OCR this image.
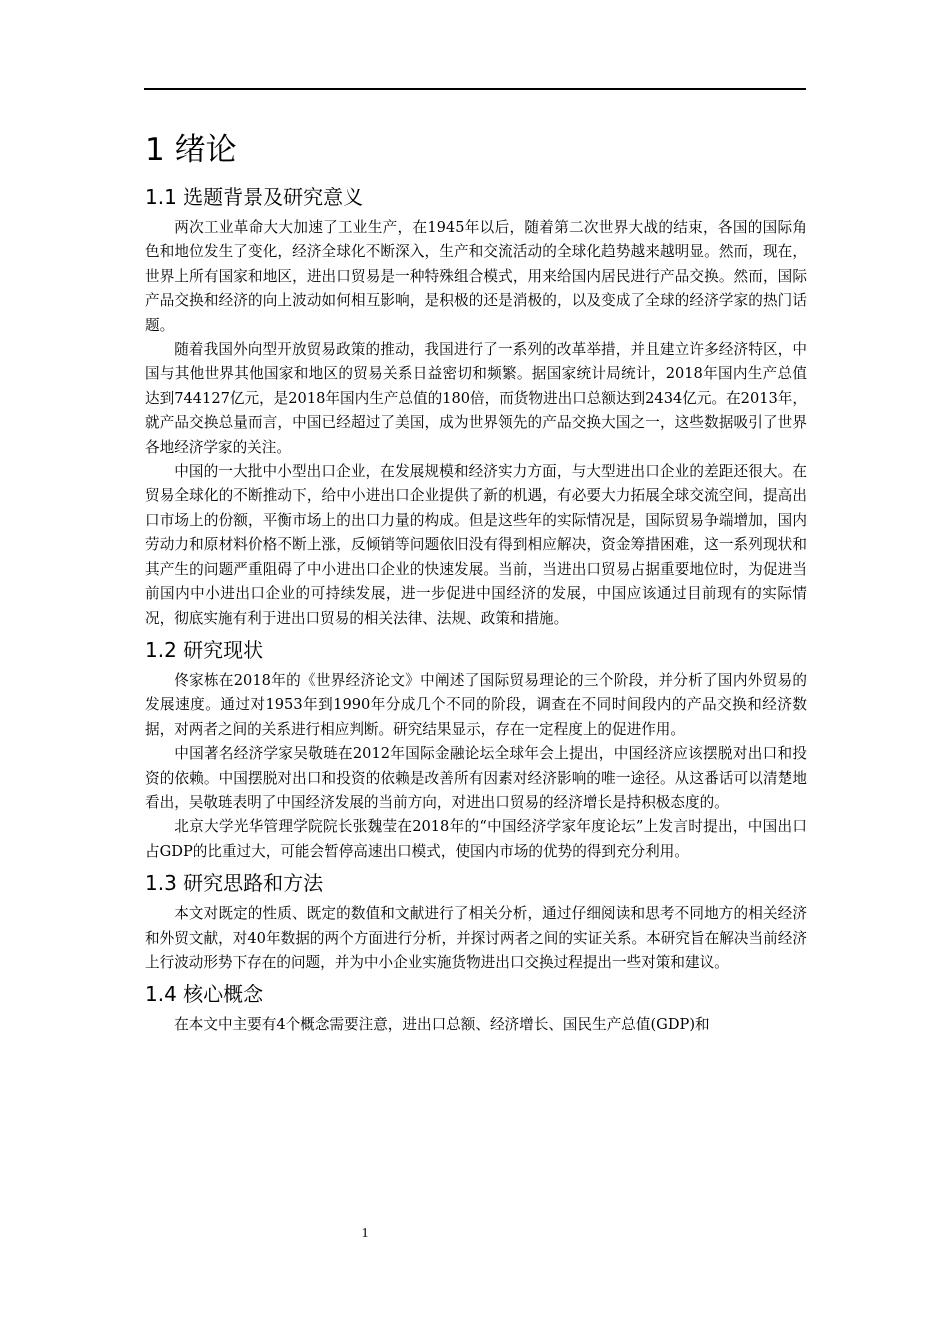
1 绪论
1.1 选题背景及研究意义

两次工业革命大大加速了工业生产，在1945年以后，随着第二次世界大战的结束，各国的国际角色和地位发生了变化，经济全球化不断深入，生产和交流活动的全球化趋势越来越明显。然而，现在，世界上所有国家和地区，进出口贸易是一种特殊组合模式，用来给国内居民进行产品交换。然而，国际产品交换和经济的向上波动如何相互影响，是积极的还是消极的，以及变成了全球的经济学家的热门话题。

随着我国外向型开放贸易政策的推动，我国进行了一系列的改革举措，并且建立许多经济特区，中国与其他世界其他国家和地区的贸易关系日益密切和频繁。据国家统计局统计，2018年国内生产总值达到744127亿元，是2018年国内生产总值的180倍，而货物进出口总额达到2434亿元。在2013年，就产品交换总量而言，中国已经超过了美国，成为世界领先的产品交换大国之一，这些数据吸引了世界各地经济学家的关注。

中国的一大批中小型出口企业，在发展规模和经济实力方面，与大型进出口企业的差距还很大。在贸易全球化的不断推动下，给中小进出口企业提供了新的机遇，有必要大力拓展全球交流空间，提高出口市场上的份额，平衡市场上的出口力量的构成。但是这些年的实际情况是，国际贸易争端增加，国内劳动力和原材料价格不断上涨，反倾销等问题依旧没有得到相应解决，资金筹措困难，这一系列现状和其产生的问题严重阻碍了中小进出口企业的快速发展。当前，当进出口贸易占据重要地位时，为促进当前国内中小进出口企业的可持续发展，进一步促进中国经济的发展，中国应该通过目前现有的实际情况，彻底实施有利于进出口贸易的相关法律、法规、政策和措施。

1.2 研究现状

佟家栋在2018年的《世界经济论文》中阐述了国际贸易理论的三个阶段，并分析了国内外贸易的发展速度。通过对1953年到1990年分成几个不同的阶段，调查在不同时间段内的产品交换和经济数据，对两者之间的关系进行相应判断。研究结果显示，存在一定程度上的促进作用。

中国著名经济学家吴敬琏在2012年国际金融论坛全球年会上提出，中国经济应该摆脱对出口和投资的依赖。中国摆脱对出口和投资的依赖是改善所有因素对经济影响的唯一途径。从这番话可以清楚地看出，吴敬琏表明了中国经济发展的当前方向，对进出口贸易的经济增长是持积极态度的。

北京大学光华管理学院院长张魏莹在2018年的“中国经济学家年度论坛”上发言时提出，中国出口占GDP的比重过大，可能会暂停高速出口模式，使国内市场的优势的得到充分利用。

1.3 研究思路和方法

本文对既定的性质、既定的数值和文献进行了相关分析，通过仔细阅读和思考不同地方的相关经济和外贸文献，对40年数据的两个方面进行分析，并探讨两者之间的实证关系。本研究旨在解决当前经济上行波动形势下存在的问题，并为中小企业实施货物进出口交换过程提出一些对策和建议。

1.4 核心概念

在本文中主要有4个概念需要注意，进出口总额、经济增长、国民生产总值(GDP)和

1
